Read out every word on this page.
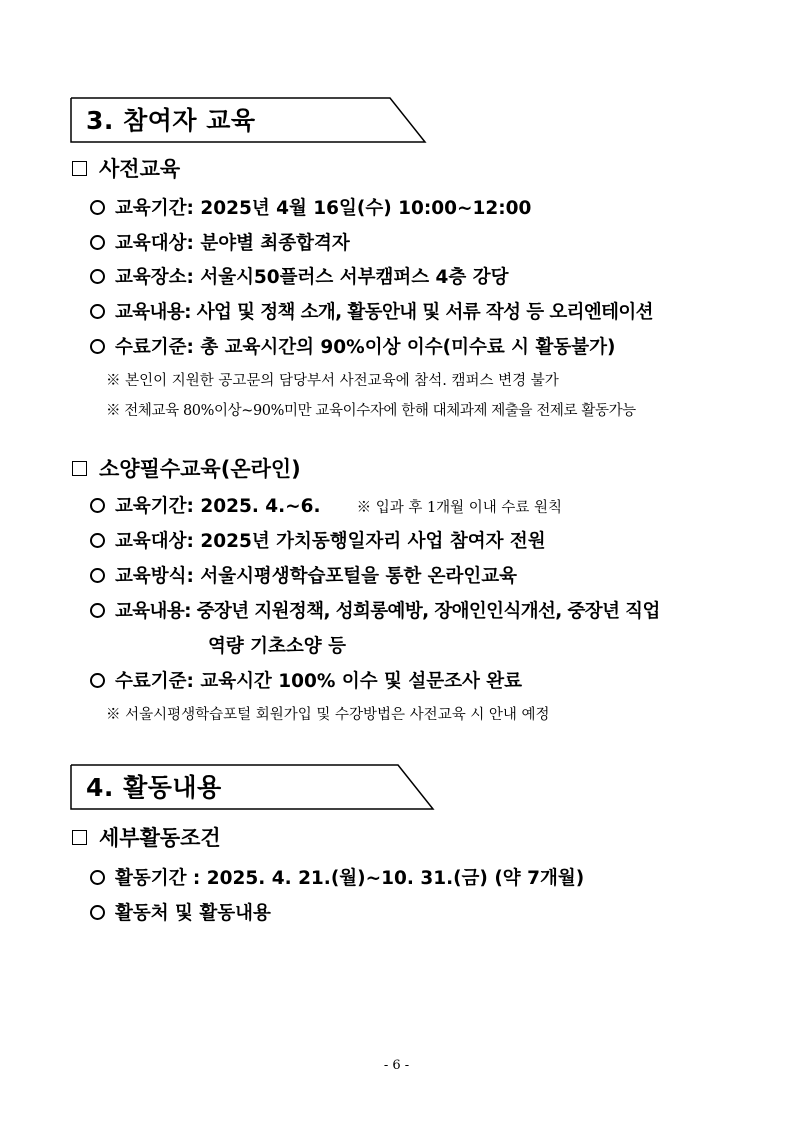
3. 참여자 교육
사전교육
교육기간: 2025년 4월 16일(수) 10:00~12:00
교육대상: 분야별 최종합격자
교육장소: 서울시50플러스 서부캠퍼스 4층 강당
교육내용: 사업 및 정책 소개, 활동안내 및 서류 작성 등 오리엔테이션
수료기준: 총 교육시간의 90%이상 이수(미수료 시 활동불가)
※ 본인이 지원한 공고문의 담당부서 사전교육에 참석. 캠퍼스 변경 불가
※ 전체교육 80%이상~90%미만 교육이수자에 한해 대체과제 제출을 전제로 활동가능
소양필수교육(온라인)
교육기간: 2025. 4.~6. ※ 입과 후 1개월 이내 수료 원칙
교육대상: 2025년 가치동행일자리 사업 참여자 전원
교육방식: 서울시평생학습포털을 통한 온라인교육
교육내용: 중장년 지원정책, 성희롱예방, 장애인인식개선, 중장년 직업
역량 기초소양 등
수료기준: 교육시간 100% 이수 및 설문조사 완료
※ 서울시평생학습포털 회원가입 및 수강방법은 사전교육 시 안내 예정
4. 활동내용
세부활동조건
활동기간 : 2025. 4. 21.(월)~10. 31.(금) (약 7개월)
활동처 및 활동내용
- 6 -
